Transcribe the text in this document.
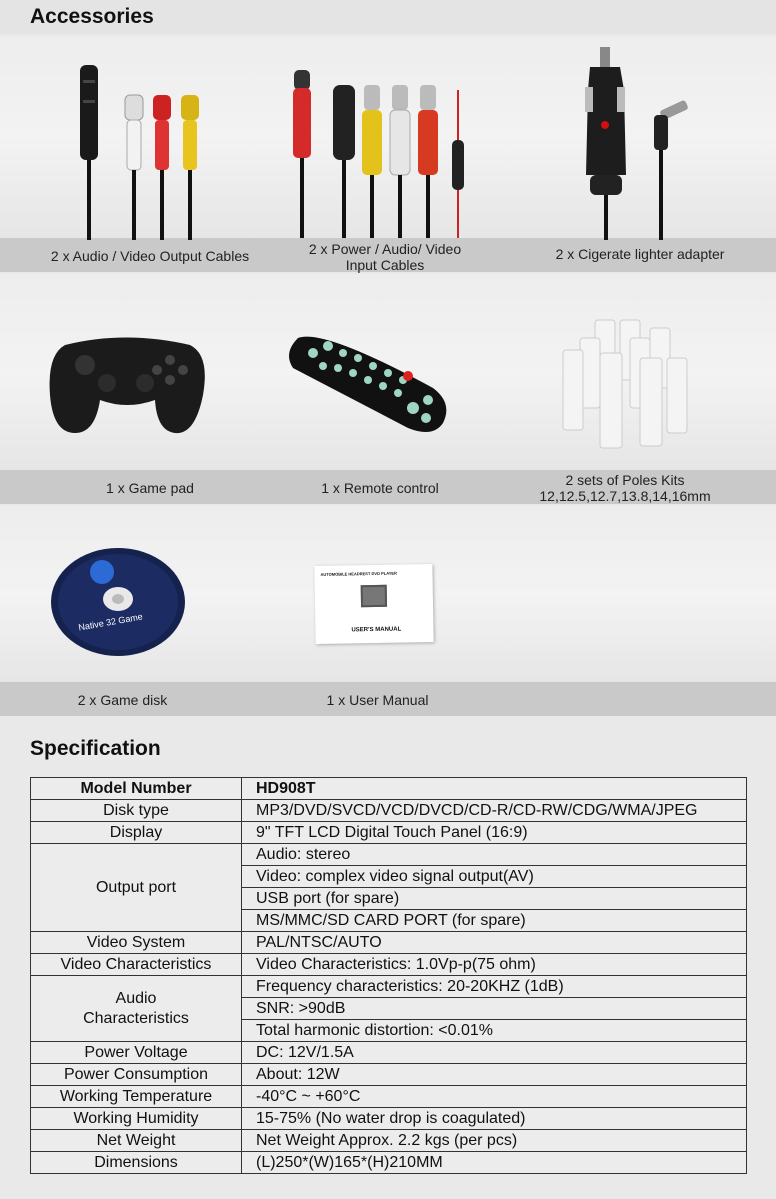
Accessories
2 x Audio / Video Output Cables	2 x Power / Audio/ Video
Input Cables
2 x Cigerate lighter adapter
1 x Game pad	1 x Remote control	2 sets of Poles Kits
12,12.5,12.7,13.8,14,16mm
Native 32 Game
AUTOMOBILE HEADREST DVD PLAYER
USER'S MANUAL
2 x Game disk	1 x User Manual
Specification
Model Number	HD908T
Disk type	MP3/DVD/SVCD/VCD/DVCD/CD-R/CD-RW/CDG/WMA/JPEG
Display	9" TFT LCD Digital Touch Panel (16:9)
Output port	Audio: stereo
	Video: complex video signal output(AV)
	USB port (for spare)
	MS/MMC/SD CARD PORT (for spare)
Video System	PAL/NTSC/AUTO
Video Characteristics	Video Characteristics: 1.0Vp-p(75 ohm)
Audio
Characteristics	Frequency characteristics: 20-20KHZ (1dB)
	SNR: >90dB
	Total harmonic distortion: <0.01%
Power Voltage	DC: 12V/1.5A
Power Consumption	About: 12W
Working Temperature	-40°C ~ +60°C
Working Humidity	15-75% (No water drop is coagulated)
Net Weight	Net Weight Approx. 2.2 kgs (per pcs)
Dimensions	(L)250*(W)165*(H)210MM
